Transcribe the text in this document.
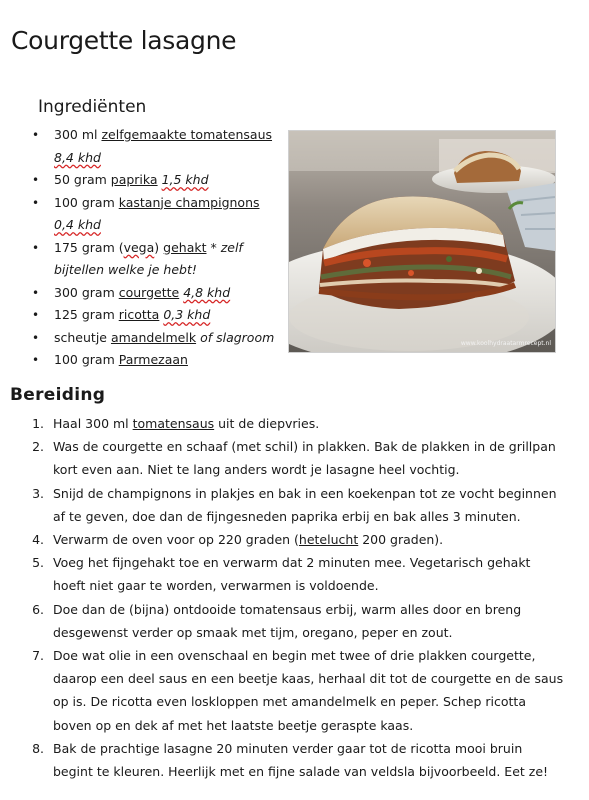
Courgette lasagne
Ingrediënten
• 300 ml zelfgemaakte tomatensaus
8,4 khd
• 50 gram paprika 1,5 khd
• 100 gram kastanje champignons 0,4 khd
• 175 gram (vega) gehakt * zelf bijtellen welke je hebt!
• 300 gram courgette 4,8 khd
• 125 gram ricotta 0,3 khd
• scheutje amandelmelk of slagroom
• 100 gram Parmezaan
www.koolhydraatarmrecept.nl
Bereiding
1. Haal 300 ml tomatensaus uit de diepvries.
2. Was de courgette en schaaf (met schil) in plakken. Bak de plakken in de grillpan kort even aan. Niet te lang anders wordt je lasagne heel vochtig.
3. Snijd de champignons in plakjes en bak in een koekenpan tot ze vocht beginnen af te geven, doe dan de fijngesneden paprika erbij en bak alles 3 minuten.
4. Verwarm de oven voor op 220 graden (hetelucht 200 graden).
5. Voeg het fijngehakt toe en verwarm dat 2 minuten mee. Vegetarisch gehakt hoeft niet gaar te worden, verwarmen is voldoende.
6. Doe dan de (bijna) ontdooide tomatensaus erbij, warm alles door en breng desgewenst verder op smaak met tijm, oregano, peper en zout.
7. Doe wat olie in een ovenschaal en begin met twee of drie plakken courgette, daarop een deel saus en een beetje kaas, herhaal dit tot de courgette en de saus op is. De ricotta even loskloppen met amandelmelk en peper. Schep ricotta boven op en dek af met het laatste beetje geraspte kaas.
8. Bak de prachtige lasagne 20 minuten verder gaar tot de ricotta mooi bruin begint te kleuren. Heerlijk met en fijne salade van veldsla bijvoorbeeld. Eet ze!
